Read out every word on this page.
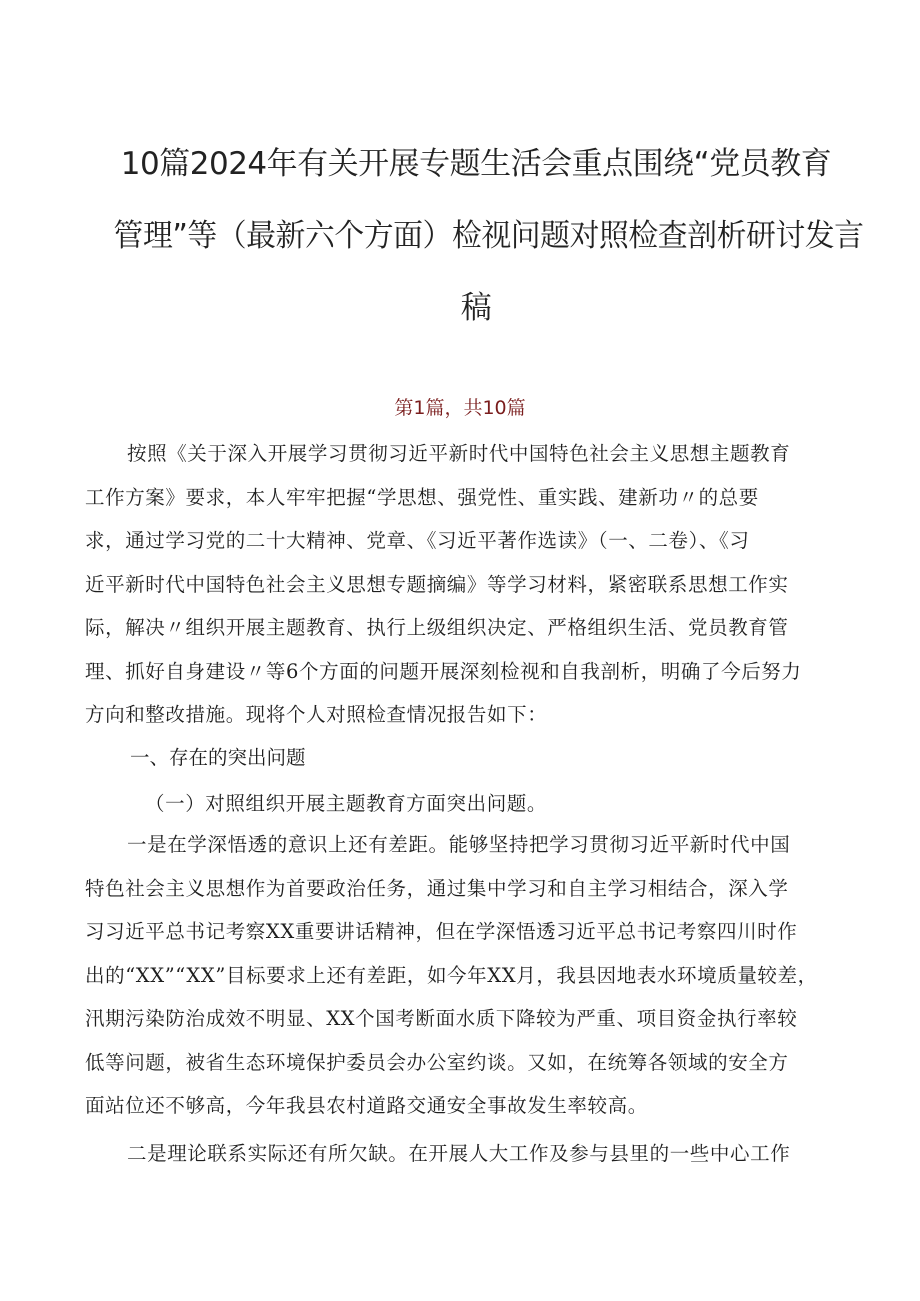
10篇2024年有关开展专题生活会重点围绕“党员教育
管理”等（最新六个方面）检视问题对照检查剖析研讨发言
稿
第1篇，共10篇
按照《关于深入开展学习贯彻习近平新时代中国特色社会主义思想主题教育
工作方案》要求，本人牢牢把握“学思想、强党性、重实践、建新功〃的总要
求，通过学习党的二十大精神、党章、《习近平著作选读》（一、二卷）、《习
近平新时代中国特色社会主义思想专题摘编》等学习材料，紧密联系思想工作实
际，解决〃组织开展主题教育、执行上级组织决定、严格组织生活、党员教育管
理、抓好自身建设〃等6个方面的问题开展深刻检视和自我剖析，明确了今后努力
方向和整改措施。现将个人对照检查情况报告如下：
一、存在的突出问题
（一）对照组织开展主题教育方面突出问题。
一是在学深悟透的意识上还有差距。能够坚持把学习贯彻习近平新时代中国
特色社会主义思想作为首要政治任务，通过集中学习和自主学习相结合，深入学
习习近平总书记考察XX重要讲话精神，但在学深悟透习近平总书记考察四川时作
出的“XX”“XX”目标要求上还有差距，如今年XX月，我县因地表水环境质量较差，
汛期污染防治成效不明显、XX个国考断面水质下降较为严重、项目资金执行率较
低等问题，被省生态环境保护委员会办公室约谈。又如，在统筹各领域的安全方
面站位还不够高，今年我县农村道路交通安全事故发生率较高。
二是理论联系实际还有所欠缺。在开展人大工作及参与县里的一些中心工作
